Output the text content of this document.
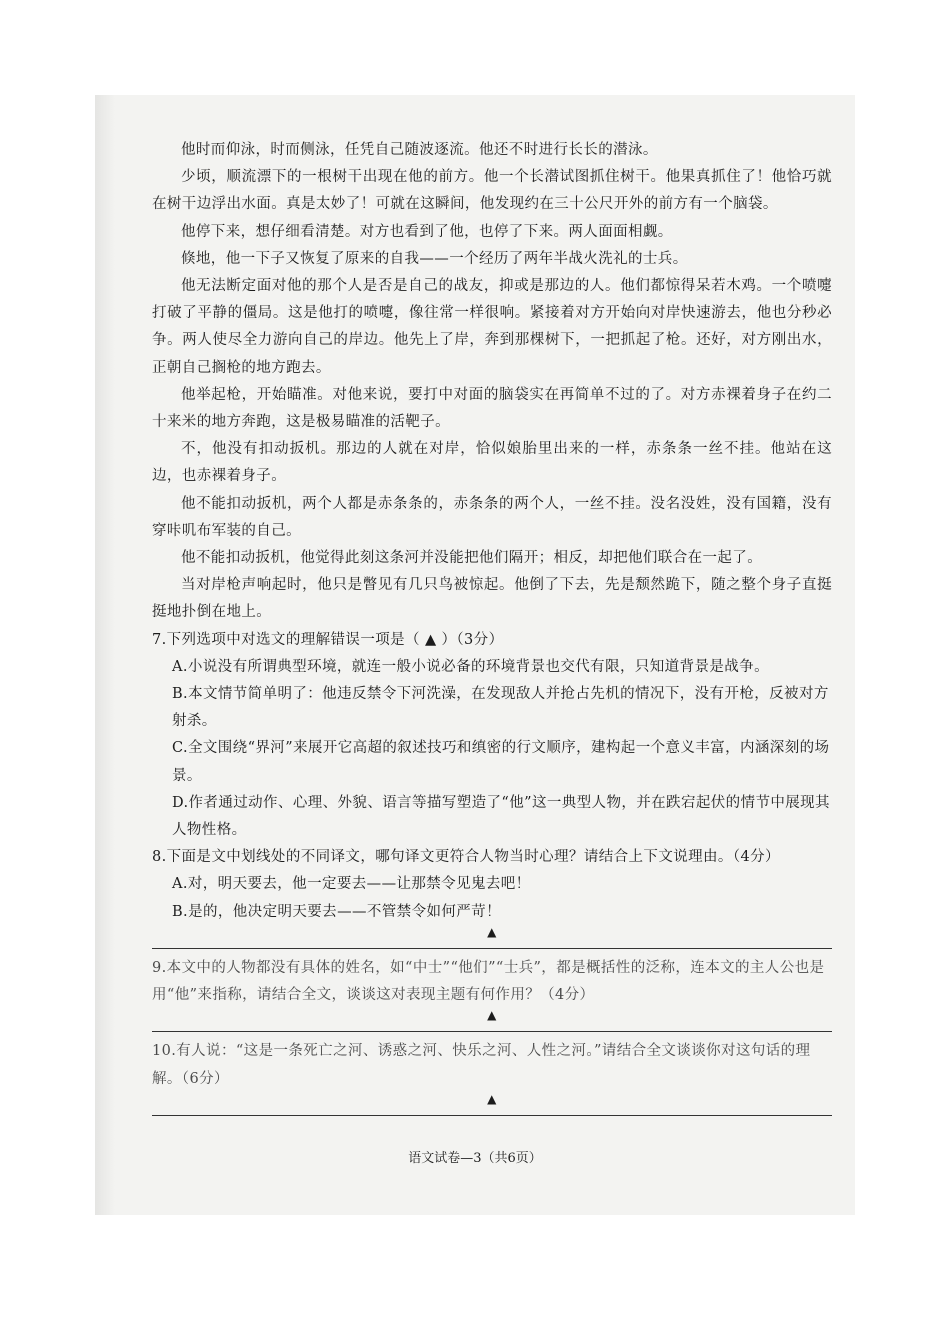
他时而仰泳，时而侧泳，任凭自己随波逐流。他还不时进行长长的潜泳。

少顷，顺流漂下的一根树干出现在他的前方。他一个长潜试图抓住树干。他果真抓住了！他恰巧就在树干边浮出水面。真是太妙了！可就在这瞬间，他发现约在三十公尺开外的前方有一个脑袋。

他停下来，想仔细看清楚。对方也看到了他，也停了下来。两人面面相觑。

倏地，他一下子又恢复了原来的自我——一个经历了两年半战火洗礼的士兵。

他无法断定面对他的那个人是否是自己的战友，抑或是那边的人。他们都惊得呆若木鸡。一个喷嚏打破了平静的僵局。这是他打的喷嚏，像往常一样很响。紧接着对方开始向对岸快速游去，他也分秒必争。两人使尽全力游向自己的岸边。他先上了岸，奔到那棵树下，一把抓起了枪。还好，对方刚出水，正朝自己搁枪的地方跑去。

他举起枪，开始瞄准。对他来说，要打中对面的脑袋实在再简单不过的了。对方赤裸着身子在约二十来米的地方奔跑，这是极易瞄准的活靶子。

不，他没有扣动扳机。那边的人就在对岸，恰似娘胎里出来的一样，赤条条一丝不挂。他站在这边，也赤裸着身子。

他不能扣动扳机，两个人都是赤条条的，赤条条的两个人，一丝不挂。没名没姓，没有国籍，没有穿咔叽布军装的自己。

他不能扣动扳机，他觉得此刻这条河并没能把他们隔开；相反，却把他们联合在一起了。

当对岸枪声响起时，他只是瞥见有几只鸟被惊起。他倒了下去，先是颓然跪下，随之整个身子直挺挺地扑倒在地上。

7.下列选项中对选文的理解错误一项是（ ▲ ）（3分）

A.小说没有所谓典型环境，就连一般小说必备的环境背景也交代有限，只知道背景是战争。

B.本文情节简单明了：他违反禁令下河洗澡，在发现敌人并抢占先机的情况下，没有开枪，反被对方射杀。

C.全文围绕“界河”来展开它高超的叙述技巧和缜密的行文顺序，建构起一个意义丰富，内涵深刻的场景。

D.作者通过动作、心理、外貌、语言等描写塑造了“他”这一典型人物，并在跌宕起伏的情节中展现其人物性格。

8.下面是文中划线处的不同译文，哪句译文更符合人物当时心理？请结合上下文说理由。（4分）

A.对，明天要去，他一定要去——让那禁令见鬼去吧！

B.是的，他决定明天要去——不管禁令如何严苛！

▲

9.本文中的人物都没有具体的姓名，如“中士”“他们”“士兵”，都是概括性的泛称，连本文的主人公也是用“他”来指称，请结合全文，谈谈这对表现主题有何作用？（4分）

▲

10.有人说：“这是一条死亡之河、诱惑之河、快乐之河、人性之河。”请结合全文谈谈你对这句话的理解。（6分）

▲
语文试卷—3（共6页）
